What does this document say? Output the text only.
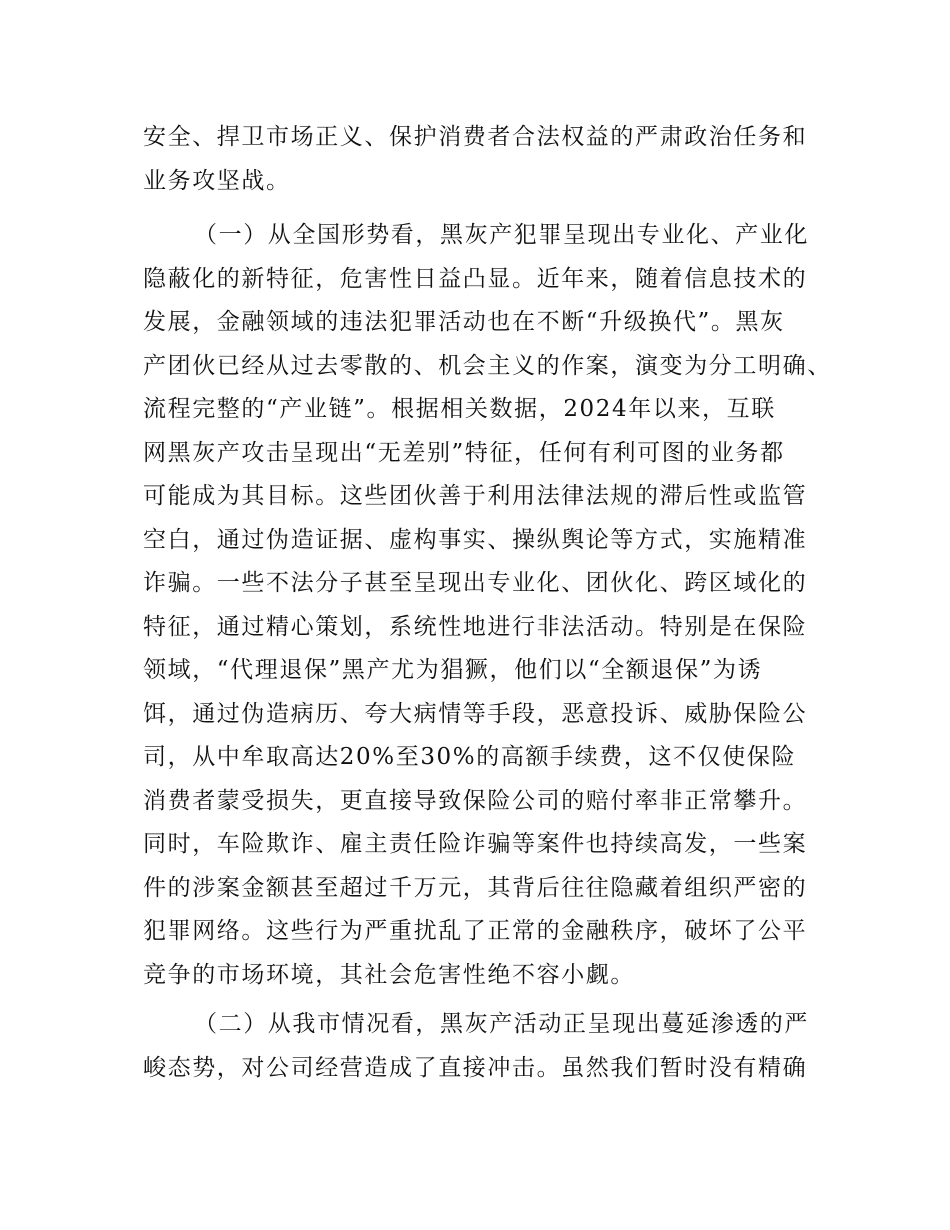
安全、捍卫市场正义、保护消费者合法权益的严肃政治任务和
业务攻坚战。
（一）从全国形势看，黑灰产犯罪呈现出专业化、产业化
隐蔽化的新特征，危害性日益凸显。近年来，随着信息技术的
发展，金融领域的违法犯罪活动也在不断“升级换代”。黑灰
产团伙已经从过去零散的、机会主义的作案，演变为分工明确、
流程完整的“产业链”。根据相关数据，2024年以来，互联
网黑灰产攻击呈现出“无差别”特征，任何有利可图的业务都
可能成为其目标。这些团伙善于利用法律法规的滞后性或监管
空白，通过伪造证据、虚构事实、操纵舆论等方式，实施精准
诈骗。一些不法分子甚至呈现出专业化、团伙化、跨区域化的
特征，通过精心策划，系统性地进行非法活动。特别是在保险
领域，“代理退保”黑产尤为猖獗，他们以“全额退保”为诱
饵，通过伪造病历、夸大病情等手段，恶意投诉、威胁保险公
司，从中牟取高达20%至30%的高额手续费，这不仅使保险
消费者蒙受损失，更直接导致保险公司的赔付率非正常攀升。
同时，车险欺诈、雇主责任险诈骗等案件也持续高发，一些案
件的涉案金额甚至超过千万元，其背后往往隐藏着组织严密的
犯罪网络。这些行为严重扰乱了正常的金融秩序，破坏了公平
竞争的市场环境，其社会危害性绝不容小觑。
（二）从我市情况看，黑灰产活动正呈现出蔓延渗透的严
峻态势，对公司经营造成了直接冲击。虽然我们暂时没有精确
